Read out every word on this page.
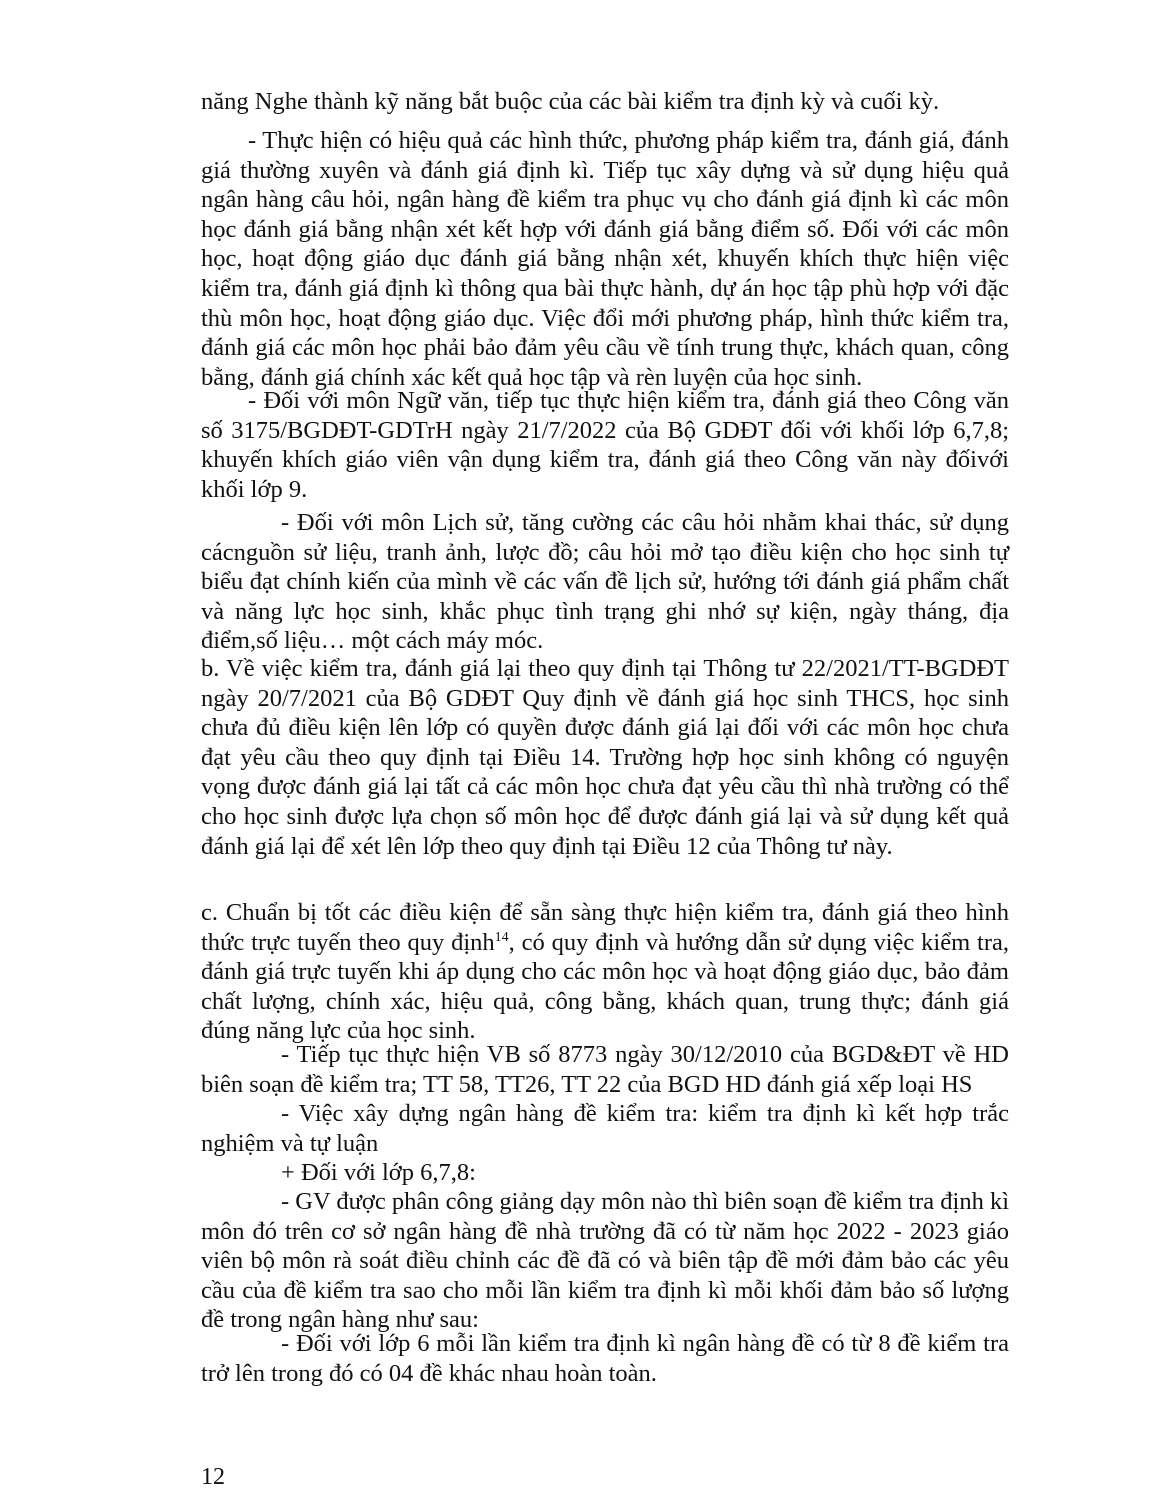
năng Nghe thành kỹ năng bắt buộc của các bài kiểm tra định kỳ và cuối kỳ.

- Thực hiện có hiệu quả các hình thức, phương pháp kiểm tra, đánh giá, đánh giá thường xuyên và đánh giá định kì. Tiếp tục xây dựng và sử dụng hiệu quả ngân hàng câu hỏi, ngân hàng đề kiểm tra phục vụ cho đánh giá định kì các môn học đánh giá bằng nhận xét kết hợp với đánh giá bằng điểm số. Đối với các môn học, hoạt động giáo dục đánh giá bằng nhận xét, khuyến khích thực hiện việc kiểm tra, đánh giá định kì thông qua bài thực hành, dự án học tập phù hợp với đặc thù môn học, hoạt động giáo dục. Việc đổi mới phương pháp, hình thức kiểm tra, đánh giá các môn học phải bảo đảm yêu cầu về tính trung thực, khách quan, công bằng, đánh giá chính xác kết quả học tập và rèn luyện của học sinh.

- Đối với môn Ngữ văn, tiếp tục thực hiện kiểm tra, đánh giá theo Công văn số 3175/BGDĐT-GDTrH ngày 21/7/2022 của Bộ GDĐT đối với khối lớp 6,7,8; khuyến khích giáo viên vận dụng kiểm tra, đánh giá theo Công văn này đốivới khối lớp 9.

- Đối với môn Lịch sử, tăng cường các câu hỏi nhằm khai thác, sử dụng cácnguồn sử liệu, tranh ảnh, lược đồ; câu hỏi mở tạo điều kiện cho học sinh tự biểu đạt chính kiến của mình về các vấn đề lịch sử, hướng tới đánh giá phẩm chất và năng lực học sinh, khắc phục tình trạng ghi nhớ sự kiện, ngày tháng, địa điểm,số liệu… một cách máy móc.

b. Về việc kiểm tra, đánh giá lại theo quy định tại Thông tư 22/2021/TT-BGDĐT ngày 20/7/2021 của Bộ GDĐT Quy định về đánh giá học sinh THCS, học sinh chưa đủ điều kiện lên lớp có quyền được đánh giá lại đối với các môn học chưa đạt yêu cầu theo quy định tại Điều 14. Trường hợp học sinh không có nguyện vọng được đánh giá lại tất cả các môn học chưa đạt yêu cầu thì nhà trường có thể cho học sinh được lựa chọn số môn học để được đánh giá lại và sử dụng kết quả đánh giá lại để xét lên lớp theo quy định tại Điều 12 của Thông tư này.

c. Chuẩn bị tốt các điều kiện để sẵn sàng thực hiện kiểm tra, đánh giá theo hình thức trực tuyến theo quy định$^{14}$, có quy định và hướng dẫn sử dụng việc kiểm tra, đánh giá trực tuyến khi áp dụng cho các môn học và hoạt động giáo dục, bảo đảm chất lượng, chính xác, hiệu quả, công bằng, khách quan, trung thực; đánh giá đúng năng lực của học sinh.

- Tiếp tục thực hiện VB số 8773 ngày 30/12/2010 của BGD&ĐT về HD biên soạn đề kiểm tra; TT 58, TT26, TT 22 của BGD HD đánh giá xếp loại HS

- Việc xây dựng ngân hàng đề kiểm tra: kiểm tra định kì kết hợp trắc nghiệm và tự luận

+ Đối với lớp 6,7,8:

- GV được phân công giảng dạy môn nào thì biên soạn đề kiểm tra định kì môn đó trên cơ sở ngân hàng đề nhà trường đã có từ năm học 2022 - 2023 giáo viên bộ môn rà soát điều chỉnh các đề đã có và biên tập đề mới đảm bảo các yêu cầu của đề kiểm tra sao cho mỗi lần kiểm tra định kì mỗi khối đảm bảo số lượng đề trong ngân hàng như sau:

- Đối với lớp 6 mỗi lần kiểm tra định kì ngân hàng đề có từ 8 đề kiểm tra trở lên trong đó có 04 đề khác nhau hoàn toàn.

12
